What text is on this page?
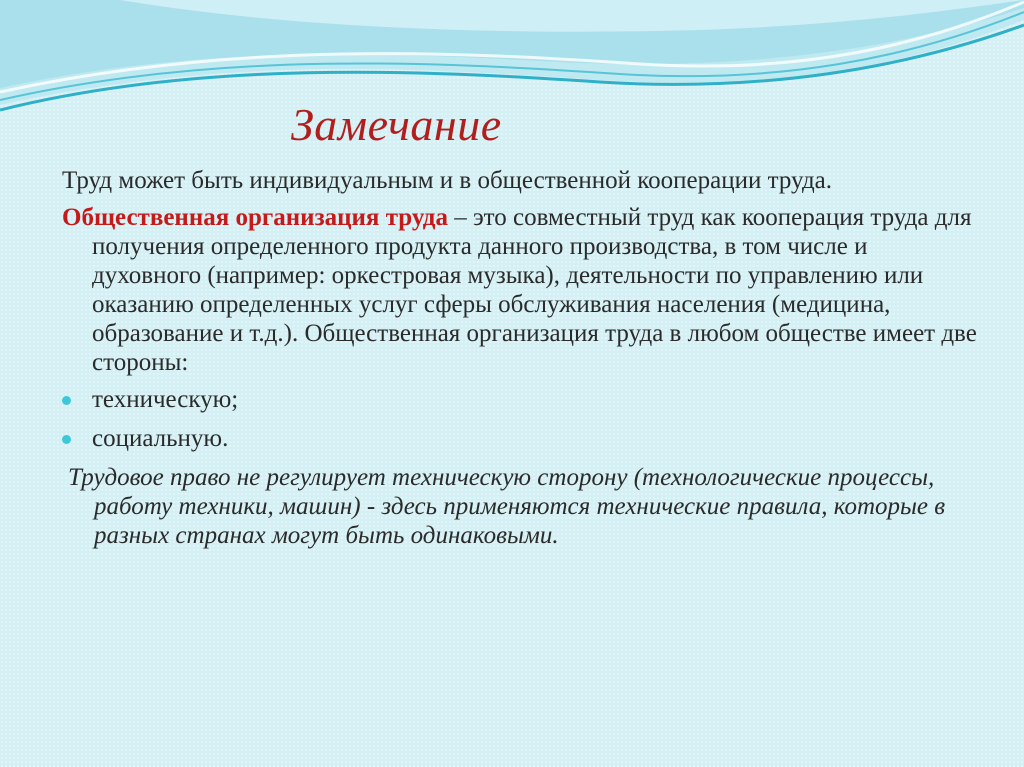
Замечание

Труд может быть индивидуальным и в общественной кооперации труда.

Общественная организация труда – это совместный труд как кооперация труда для получения определенного продукта данного производства, в том числе и духовного (например: оркестровая музыка), деятельности по управлению или оказанию определенных услуг сферы обслуживания населения (медицина, образование и т.д.). Общественная организация труда в любом обществе имеет две стороны:

техническую;
социальную.

Трудовое право не регулирует техническую сторону (технологические процессы, работу техники, машин) - здесь применяются технические правила, которые в разных странах могут быть одинаковыми.
